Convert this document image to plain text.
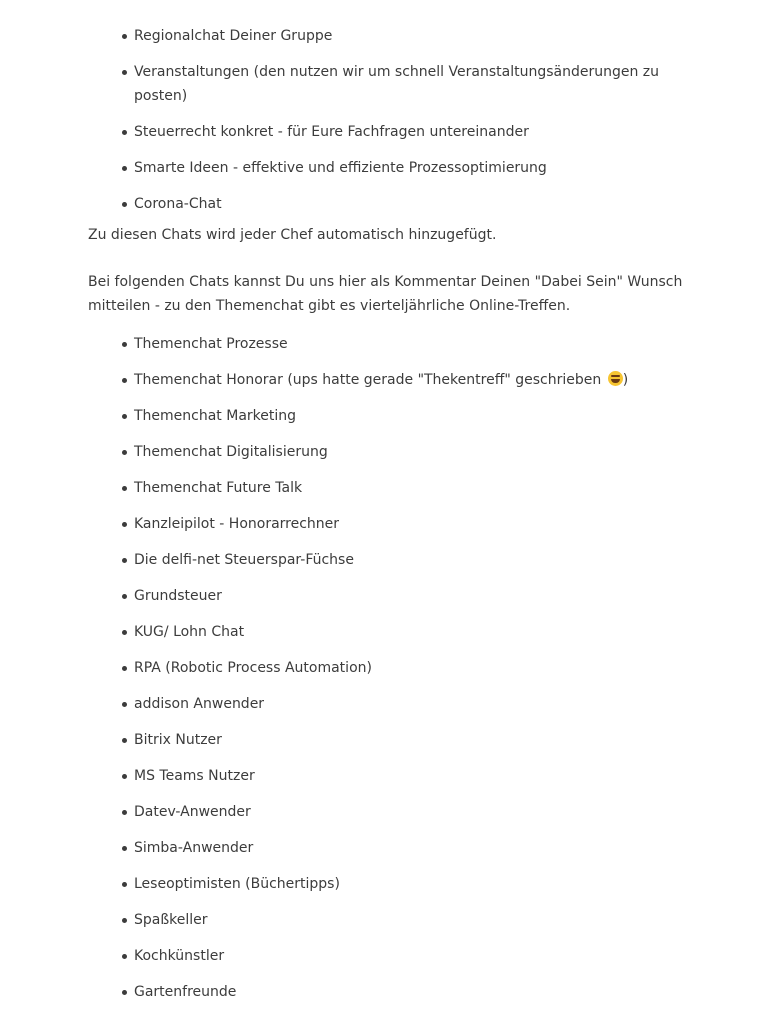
Regionalchat Deiner Gruppe
Veranstaltungen (den nutzen wir um schnell Veranstaltungsänderungen zu posten)
Steuerrecht konkret - für Eure Fachfragen untereinander
Smarte Ideen - effektive und effiziente Prozessoptimierung
Corona-Chat

Zu diesen Chats wird jeder Chef automatisch hinzugefügt.

Bei folgenden Chats kannst Du uns hier als Kommentar Deinen "Dabei Sein" Wunsch mitteilen - zu den Themenchat gibt es vierteljährliche Online-Treffen.

Themenchat Prozesse
Themenchat Honorar (ups hatte gerade "Thekentreff" geschrieben )
Themenchat Marketing
Themenchat Digitalisierung
Themenchat Future Talk
Kanzleipilot - Honorarrechner
Die delfi-net Steuerspar-Füchse
Grundsteuer
KUG/ Lohn Chat
RPA (Robotic Process Automation)
addison Anwender
Bitrix Nutzer
MS Teams Nutzer
Datev-Anwender
Simba-Anwender
Leseoptimisten (Büchertipps)
Spaßkeller
Kochkünstler
Gartenfreunde
